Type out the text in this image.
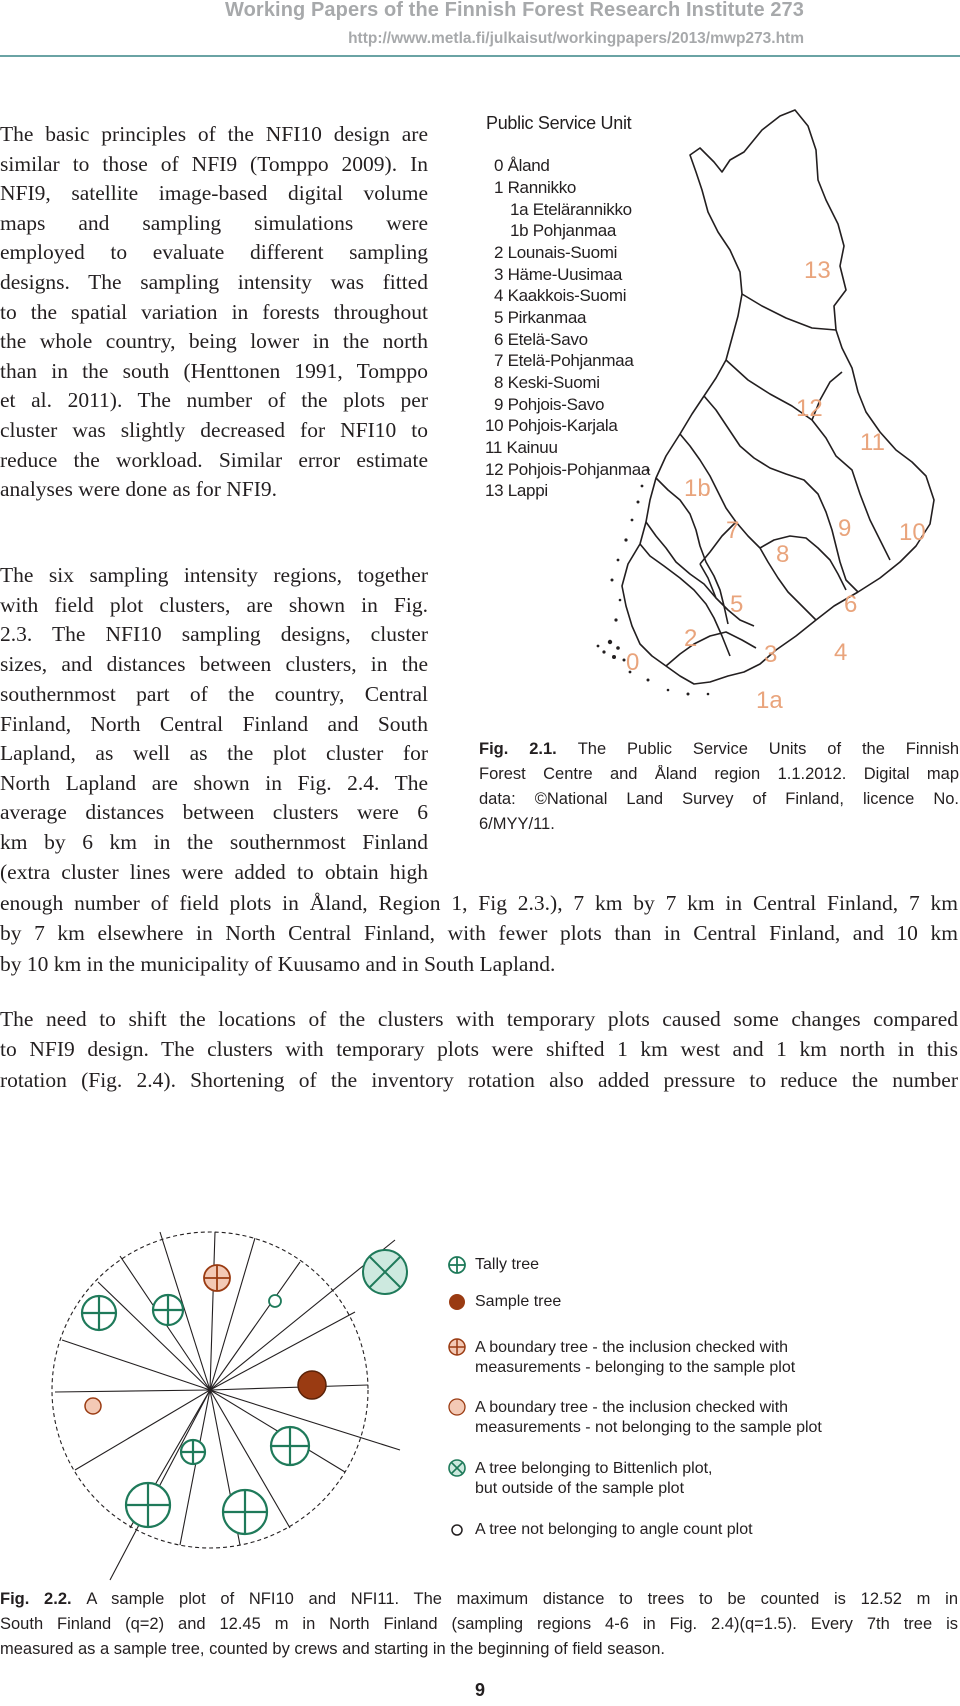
Working Papers of the Finnish Forest Research Institute 273
http://www.metla.fi/julkaisut/workingpapers/2013/mwp273.htm
The basic principles of the NFI10 design are
similar to those of NFI9 (Tomppo 2009). In
NFI9, satellite image-based digital volume
maps and sampling simulations were
employed to evaluate different sampling
designs. The sampling intensity was fitted
to the spatial variation in forests throughout
the whole country, being lower in the north
than in the south (Henttonen 1991, Tomppo
et al. 2011). The number of the plots per
cluster was slightly decreased for NFI10 to
reduce the workload. Similar error estimate
analyses were done as for NFI9.
The six sampling intensity regions, together
with field plot clusters, are shown in Fig.
2.3. The NFI10 sampling designs, cluster
sizes, and distances between clusters, in the
southernmost part of the country, Central
Finland, North Central Finland and South
Lapland, as well as the plot cluster for
North Lapland are shown in Fig. 2.4. The
average distances between clusters were 6
km by 6 km in the southernmost Finland
(extra cluster lines were added to obtain high
enough number of field plots in Åland, Region 1, Fig 2.3.), 7 km by 7 km in Central Finland, 7 km
by 7 km elsewhere in North Central Finland, with fewer plots than in Central Finland, and 10 km
by 10 km in the municipality of Kuusamo and in South Lapland.
The need to shift the locations of the clusters with temporary plots caused some changes compared
to NFI9 design. The clusters with temporary plots were shifted 1 km west and 1 km north in this
rotation (Fig. 2.4). Shortening of the inventory rotation also added pressure to reduce the number
13
12
11
1b
7	9 10
8
5	6
2
0	3 4
1a
Public Service Unit
0 Åland
1 Rannikko
1a Etelärannikko
1b Pohjanmaa
2 Lounais-Suomi
3 Häme-Uusimaa
4 Kaakkois-Suomi
5 Pirkanmaa
6 Etelä-Savo
7 Etelä-Pohjanmaa
8 Keski-Suomi
9 Pohjois-Savo
10 Pohjois-Karjala
11 Kainuu
12 Pohjois-Pohjanmaa
13 Lappi
Fig. 2.1. The Public Service Units of the Finnish
Forest Centre and Åland region 1.1.2012. Digital map
data: ©National Land Survey of Finland, licence No.
6/MYY/11.
Tally tree
Sample tree
A boundary tree - the inclusion checked with
measurements - belonging to the sample plot
A boundary tree - the inclusion checked with
measurements - not belonging to the sample plot
A tree belonging to Bittenlich plot,
but outside of the sample plot
A tree not belonging to angle count plot
Fig. 2.2. A sample plot of NFI10 and NFI11. The maximum distance to trees to be counted is 12.52 m in
South Finland (q=2) and 12.45 m in North Finland (sampling regions 4-6 in Fig. 2.4)(q=1.5). Every 7th tree is
measured as a sample tree, counted by crews and starting in the beginning of field season.
9
